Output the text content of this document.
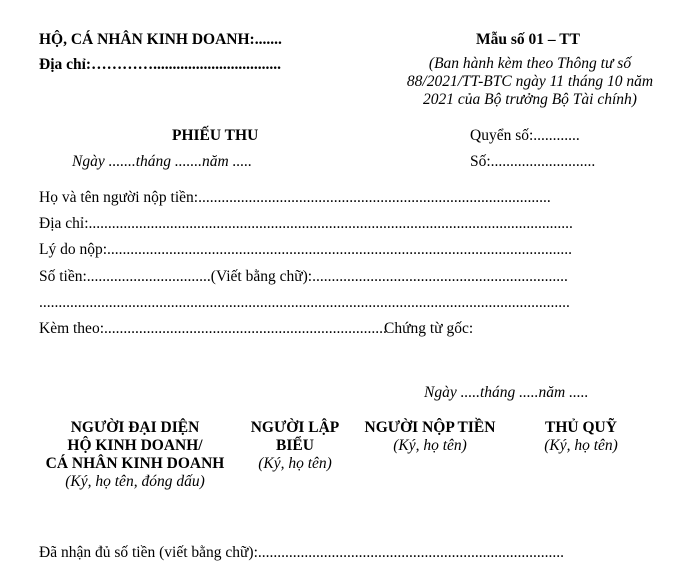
HỘ, CÁ NHÂN KINH DOANH:.......
Địa chỉ:………….................................
Mẫu số 01 – TT
(Ban hành kèm theo Thông tư số
88/2021/TT-BTC ngày 11 tháng 10 năm
2021 của Bộ trưởng Bộ Tài chính)
PHIẾU THU	Quyển số:............
Ngày .......tháng .......năm .....	Số:...........................
Họ và tên người nộp tiền:...........................................................................................
Địa chỉ:.............................................................................................................................
Lý do nộp:........................................................................................................................
Số tiền:................................(Viết bằng chữ):..................................................................
.........................................................................................................................................
Kèm theo:.........................................................................
Chứng từ gốc:
Ngày .....tháng .....năm .....
NGƯỜI ĐẠI DIỆN
HỘ KINH DOANH/
CÁ NHÂN KINH DOANH
(Ký, họ tên, đóng dấu)
NGƯỜI LẬP
BIỂU
(Ký, họ tên)
NGƯỜI NỘP TIỀN
(Ký, họ tên)
THỦ QUỸ
(Ký, họ tên)
Đã nhận đủ số tiền (viết bằng chữ):...............................................................................
